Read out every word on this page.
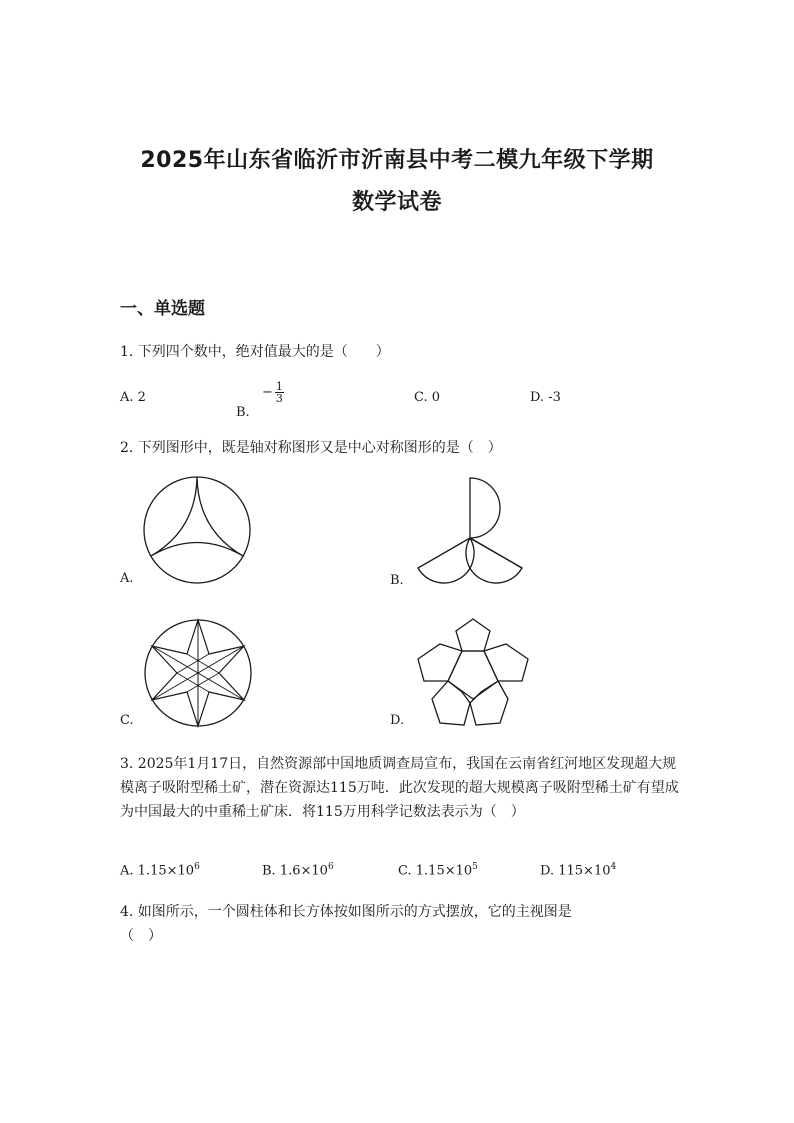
2025年山东省临沂市沂南县中考二模九年级下学期
数学试卷
一、单选题
1. 下列四个数中，绝对值最大的是（　　）
A. 2
B.
− $\frac{1}{3}$	C. 0	D. -3
2. 下列图形中，既是轴对称图形又是中心对称图形的是（　）
A.	B.
C.	D.
3. 2025年1月17日，自然资源部中国地质调查局宣布，我国在云南省红河地区发现超大规模离子吸附型稀土矿，潜在资源达115万吨．此次发现的超大规模离子吸附型稀土矿有望成为中国最大的中重稀土矿床．将115万用科学记数法表示为（　）
A. $1.15\times 10^6$	B. $1.6\times 10^6$	C. $1.15\times 10^5$	D. $115\times 10^4$
4. 如图所示，一个圆柱体和长方体按如图所示的方式摆放，它的主视图是
（　）
